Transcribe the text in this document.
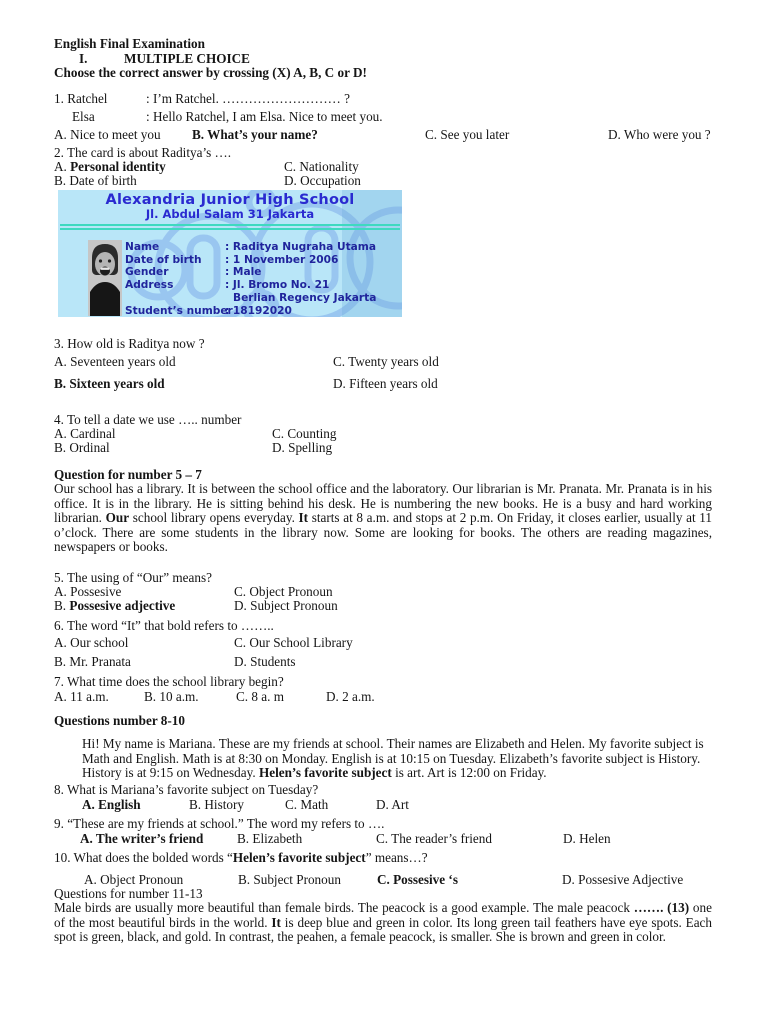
English Final Examination
I.	MULTIPLE CHOICE
Choose the correct answer by crossing (X) A, B, C or D!
1. Ratchel	: I’m Ratchel. ……………………… ?
Elsa	: Hello Ratchel, I am Elsa. Nice to meet you.
A. Nice to meet you B. What’s your name?	C. See you later	D. Who were you ?
2. The card is about Raditya’s ….
A. Personal identity	C. Nationality
B. Date of birth	D. Occupation
Alexandria Junior High School
Jl. Abdul Salam 31 Jakarta
Name	: Raditya Nugraha Utama
Date of birth	: 1 November 2006
Gender	: Male
Address	: Jl. Bromo No. 21
Berlian Regency Jakarta
Student’s number
: 18192020
3. How old is Raditya now ?
A. Seventeen years old	C. Twenty years old
B. Sixteen years old	D. Fifteen years old
4. To tell a date we use ….. number
A. Cardinal	C. Counting
B. Ordinal	D. Spelling
Question for number 5 – 7
Our school has a library. It is between the school office and the laboratory. Our librarian is Mr. Pranata. Mr. Pranata is in his office. It is in the library. He is sitting behind his desk. He is numbering the new books. He is a busy and hard working librarian. Our school library opens everyday. It starts at 8 a.m. and stops at 2 p.m. On Friday, it closes earlier, usually at 11 o’clock. There are some students in the library now. Some are looking for books. The others are reading magazines, newspapers or books.
5. The using of “Our” means?
A. Possesive	C. Object Pronoun
B. Possesive adjective	D. Subject Pronoun
6. The word “It” that bold refers to ……..
A. Our school	C. Our School Library
B. Mr. Pranata	D. Students
7. What time does the school library begin?
A. 11 a.m.	B. 10 a.m.	C. 8 a. m	D. 2 a.m.
Questions number 8-10
Hi! My name is Mariana. These are my friends at school. Their names are Elizabeth and Helen. My favorite subject is Math and English. Math is at 8:30 on Monday. English is at 10:15 on Tuesday. Elizabeth’s favorite subject is History. History is at 9:15 on Wednesday. Helen’s favorite subject is art. Art is 12:00 on Friday.
8. What is Mariana’s favorite subject on Tuesday?
A. English	B. History	C. Math	D. Art
9. “These are my friends at school.” The word my refers to ….
A. The writer’s friend	B. Elizabeth	C. The reader’s friend	D. Helen
10. What does the bolded words “Helen’s favorite subject” means…?
A. Object Pronoun	B. Subject Pronoun	C. Possesive ‘s	D. Possesive Adjective
Questions for number 11-13
Male birds are usually more beautiful than female birds. The peacock is a good example. The male peacock ……. (13) one of the most beautiful birds in the world. It is deep blue and green in color. Its long green tail feathers have eye spots. Each spot is green, black, and gold. In contrast, the peahen, a female peacock, is smaller. She is brown and green in color.
